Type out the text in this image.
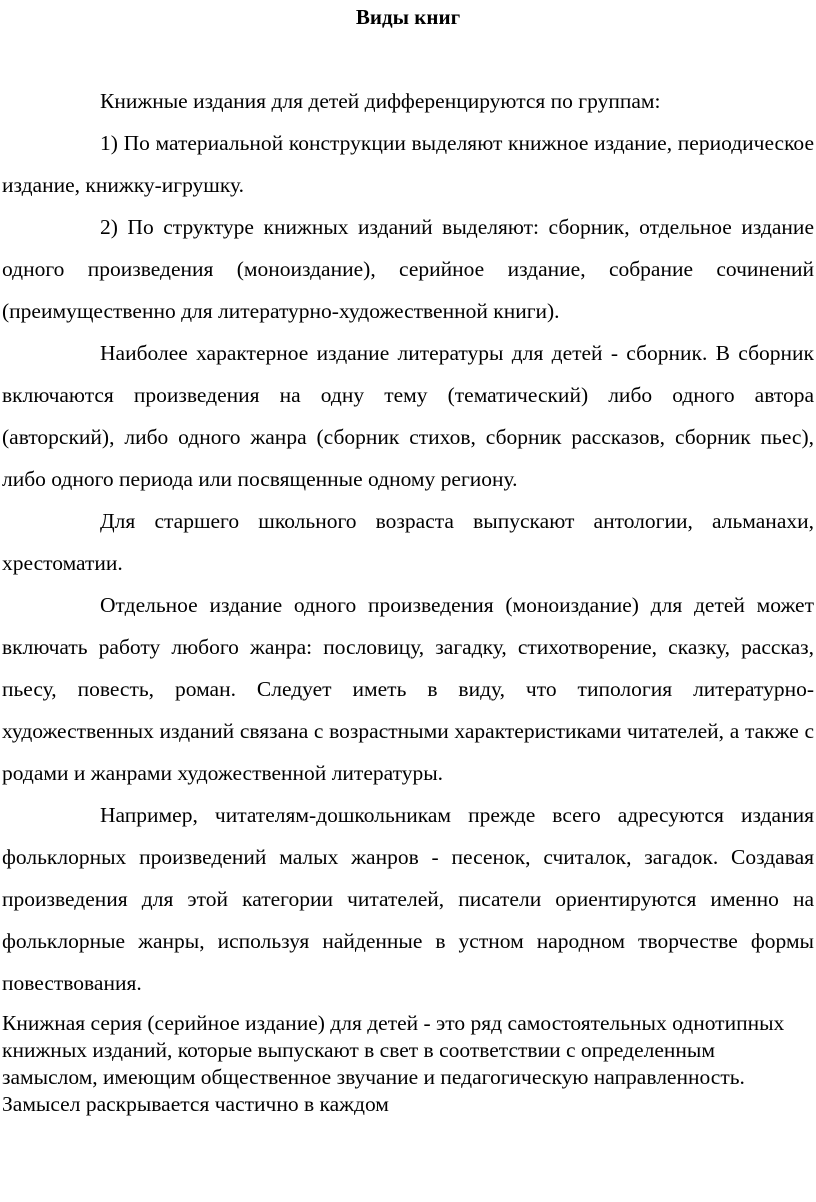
Виды книг

Книжные издания для детей дифференцируются по группам:

1) По материальной конструкции выделяют книжное издание, периодическое издание, книжку-игрушку.

2) По структуре книжных изданий выделяют: сборник, отдельное издание одного произведения (моноиздание), серийное издание, собрание сочинений (преимущественно для литературно-художественной книги).

Наиболее характерное издание литературы для детей - сборник. В сборник включаются произведения на одну тему (тематический) либо одного автора (авторский), либо одного жанра (сборник стихов, сборник рассказов, сборник пьес), либо одного периода или посвященные одному региону.

Для старшего школьного возраста выпускают антологии, альманахи, хрестоматии.

Отдельное издание одного произведения (моноиздание) для детей может включать работу любого жанра: пословицу, загадку, стихотворение, сказку, рассказ, пьесу, повесть, роман. Следует иметь в виду, что типология литературно-художественных изданий связана с возрастными характеристиками читателей, а также с родами и жанрами художественной литературы.

Например, читателям-дошкольникам прежде всего адресуются издания фольклорных произведений малых жанров - песенок, считалок, загадок. Создавая произведения для этой категории читателей, писатели ориентируются именно на фольклорные жанры, используя найденные в устном народном творчестве формы повествования.

Книжная серия (серийное издание) для детей - это ряд самостоятельных однотипных книжных изданий, которые выпускают в свет в соответствии с определенным замыслом, имеющим общественное звучание и педагогическую направленность. Замысел раскрывается частично в каждом
